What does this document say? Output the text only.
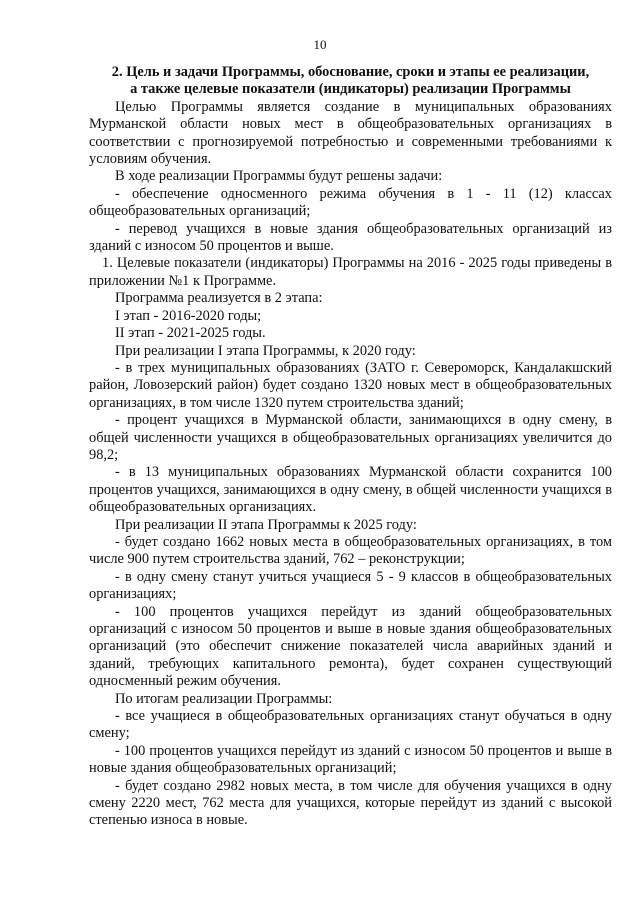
10

2. Цель и задачи Программы, обоснование, сроки и этапы ее реализации,

а также целевые показатели (индикаторы) реализации Программы

Целью Программы является создание в муниципальных образованиях Мурманской области новых мест в общеобразовательных организациях в соответствии с прогнозируемой потребностью и современными требованиями к условиям обучения.

В ходе реализации Программы будут решены задачи:

- обеспечение односменного режима обучения в 1 - 11 (12) классах общеобразовательных организаций;

- перевод учащихся в новые здания общеобразовательных организаций из зданий с износом 50 процентов и выше.

1. Целевые показатели (индикаторы) Программы на 2016 - 2025 годы приведены в приложении №1 к Программе.

Программа реализуется в 2 этапа:

I этап - 2016-2020 годы;

II этап - 2021-2025 годы.

При реализации I этапа Программы, к 2020 году:

- в трех муниципальных образованиях (ЗАТО г. Североморск, Кандалакшский район, Ловозерский район) будет создано 1320 новых мест в общеобразовательных организациях, в том числе 1320 путем строительства зданий;

- процент учащихся в Мурманской области, занимающихся в одну смену, в общей численности учащихся в общеобразовательных организациях увеличится до 98,2;

- в 13 муниципальных образованиях Мурманской области сохранится 100 процентов учащихся, занимающихся в одну смену, в общей численности учащихся в общеобразовательных организациях.

При реализации II этапа Программы к 2025 году:

- будет создано 1662 новых места в общеобразовательных организациях, в том числе 900 путем строительства зданий, 762 – реконструкции;

- в одну смену станут учиться учащиеся 5 - 9 классов в общеобразовательных организациях;

- 100 процентов учащихся перейдут из зданий общеобразовательных организаций с износом 50 процентов и выше в новые здания общеобразовательных организаций (это обеспечит снижение показателей числа аварийных зданий и зданий, требующих капитального ремонта), будет сохранен существующий односменный режим обучения.

По итогам реализации Программы:

- все учащиеся в общеобразовательных организациях станут обучаться в одну смену;

- 100 процентов учащихся перейдут из зданий с износом 50 процентов и выше в новые здания общеобразовательных организаций;

- будет создано 2982 новых места, в том числе для обучения учащихся в одну смену 2220 мест, 762 места для учащихся, которые перейдут из зданий с высокой степенью износа в новые.
